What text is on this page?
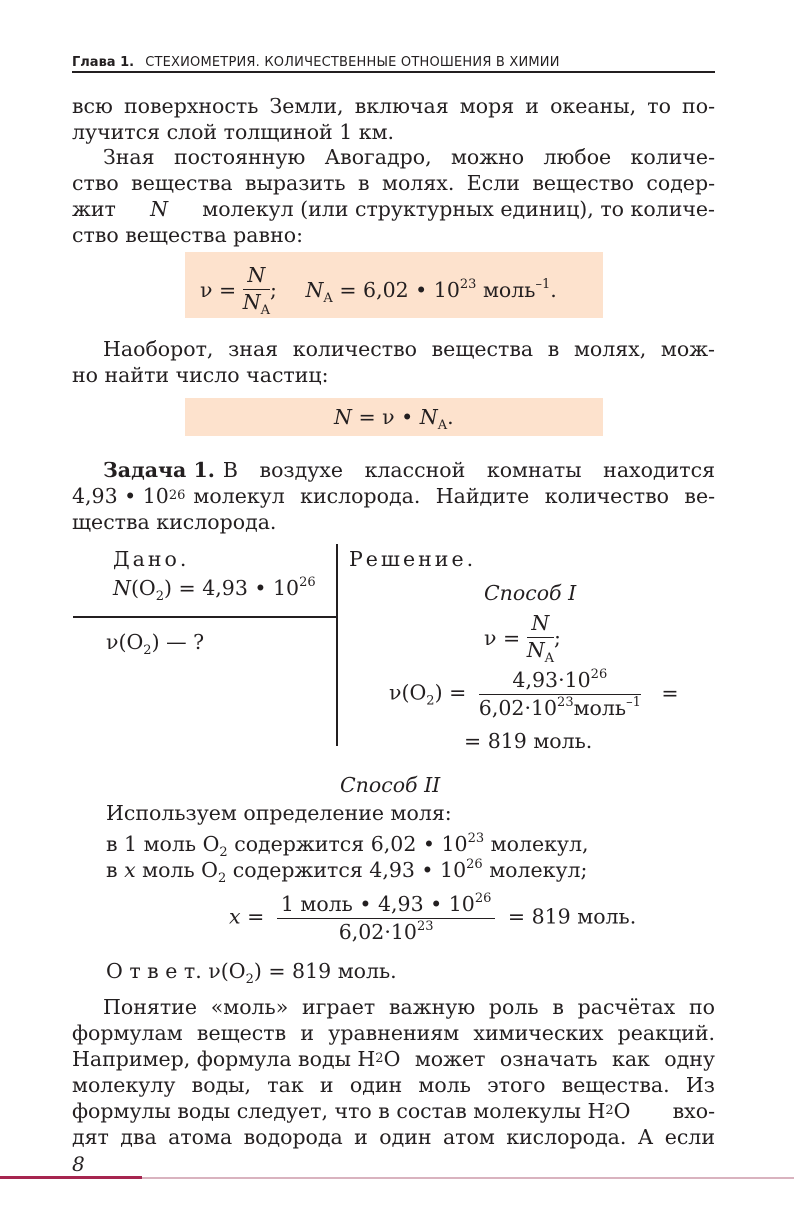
Глава 1. СТЕХИОМЕТРИЯ. КОЛИЧЕСТВЕННЫЕ ОТНОШЕНИЯ В ХИМИИ
всю поверхность Земли, включая моря и океаны, то по-
лучится слой толщиной 1 км.
Зная постоянную Авогадро, можно любое количе-
ство вещества выразить в молях. Если вещество содер-
жит N молекул (или структурных единиц), то количе-
ство вещества равно:
$\nu = \frac{N}{N_A}$ ; $N_A = 6,02$ • $10^{23}$ моль$^{-1}$.
Наоборот, зная количество вещества в молях, мож-
но найти число частиц:
N = ν • $N_A$.
Задача 1. В воздухе классной комнаты находится
4,93 • 10 26 молекул кислорода. Найдите количество ве-
щества кислорода.
Дано.
$N(O_2) = 4,93$ • $10^{26}$
$\nu(O_2)$ — ?
Решение.
Способ I
$\nu = \frac{N}{N_A}$ ;
$\nu(O_2) = \frac{4,93\cdot 10^{26}}{6,02\cdot 10^{23}моль^{-1}}$ =
= 819 моль.
Способ II
Используем определение моля:
в 1 моль $O_2$ содержится 6,02 • $10^{23}$ молекул,
в x моль $O_2$ содержится 4,93 • $10^{26}$ молекул;
$x = \frac{1 моль • 4,93 • 10^{26}}{6,02\cdot 10^{23}} = 819$ моль.
О т в е т. $\nu(O_2) = 819$ моль.
Понятие «моль» играет важную роль в расчётах по
формулам веществ и уравнениям химических реакций.
Например, формула воды H 2 O может означать как одну
молекулу воды, так и один моль этого вещества. Из
формулы воды следует, что в состав молекулы H 2 O вхо-
дят два атома водорода и один атом кислорода. А если
8
